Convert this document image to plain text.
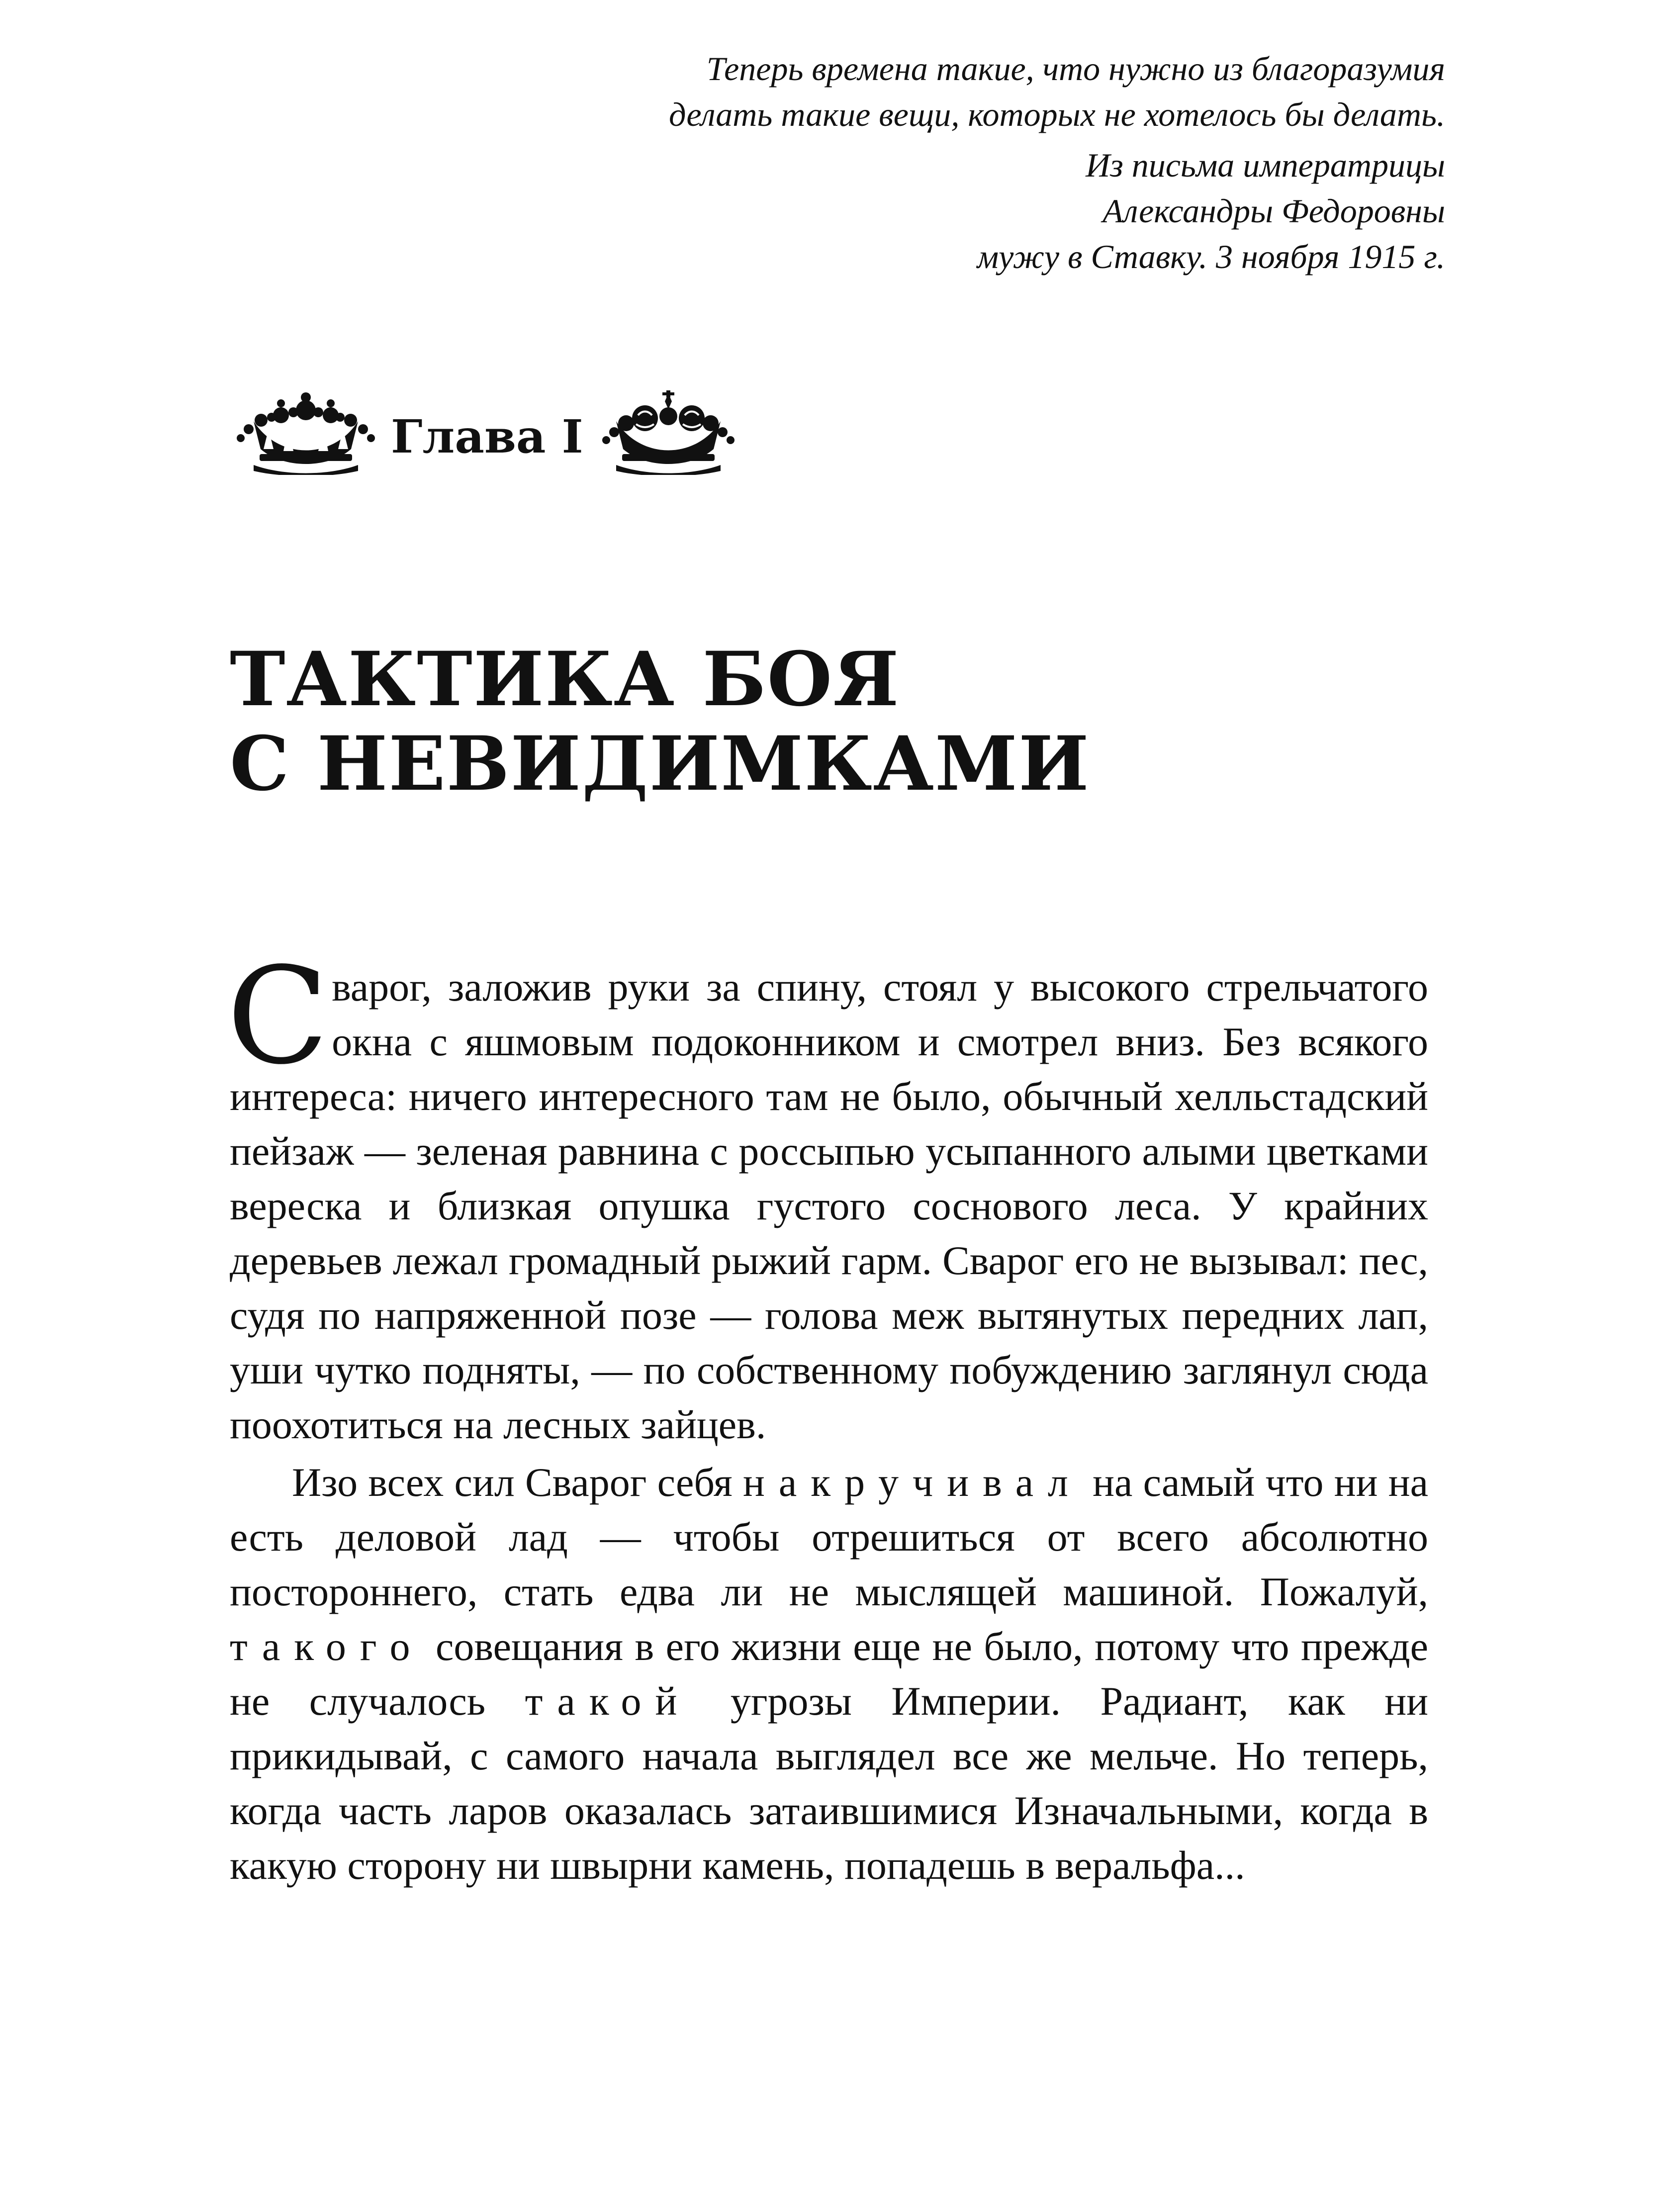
Теперь времена такие, что нужно из благоразумия
делать такие вещи, которых не хотелось бы делать.
Из письма императрицы
Александры Федоровны
мужу в Ставку. 3 ноября 1915 г.
Глава I
ТАКТИКА БОЯ
С НЕВИДИМКАМИ

Сварог, заложив руки за спину, стоял у высокого стрельчатого окна с яшмовым подоконником и смотрел вниз. Без всякого интереса: ничего интересного там не было, обычный хелльстадский пейзаж — зеленая равнина с россыпью усыпанного алыми цветками вереска и близкая опушка густого соснового леса. У крайних деревьев лежал громадный рыжий гарм. Сварог его не вызывал: пес, судя по напряженной позе — голова меж вытянутых передних лап, уши чутко подняты, — по собственному побуждению заглянул сюда поохотиться на лесных зайцев.

Изо всех сил Сварог себя накручивал на самый что ни на есть деловой лад — чтобы отрешиться от всего абсолютно постороннего, стать едва ли не мыслящей машиной. Пожалуй, такого совещания в его жизни еще не было, потому что прежде не случалось такой угрозы Империи. Радиант, как ни прикидывай, с самого начала выглядел все же мельче. Но теперь, когда часть ларов оказалась затаившимися Изначальными, когда в какую сторону ни швырни камень, попадешь в веральфа...
